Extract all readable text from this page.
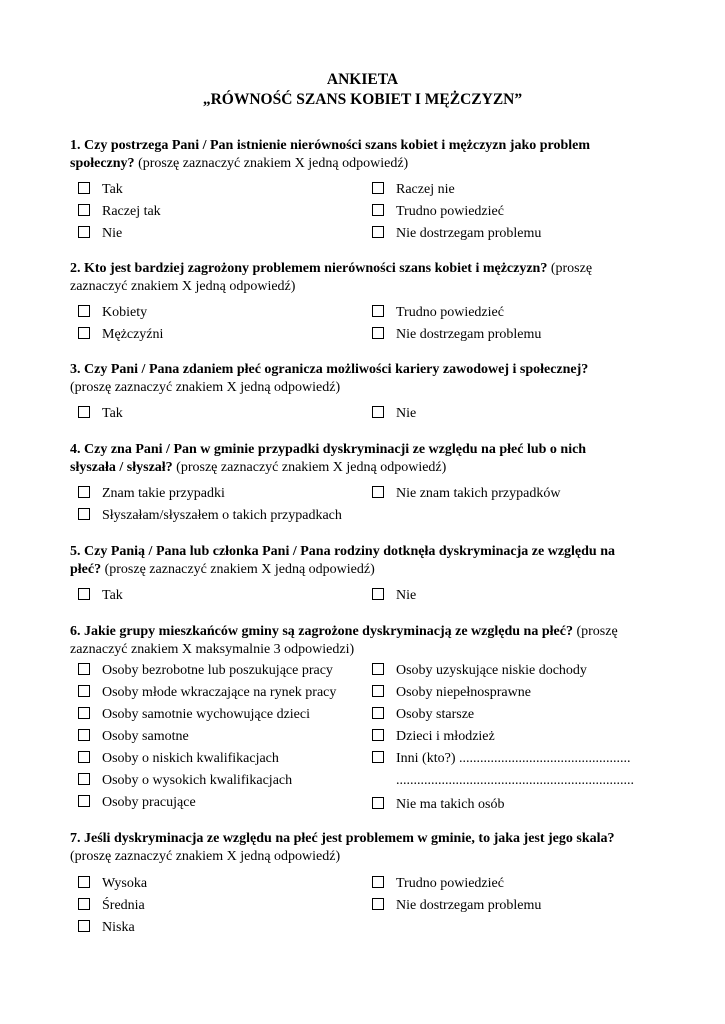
ANKIETA
„RÓWNOŚĆ SZANS KOBIET I MĘŻCZYZN”
1. Czy postrzega Pani / Pan istnienie nierówności szans kobiet i mężczyzn jako problem
społeczny? (proszę zaznaczyć znakiem X jedną odpowiedź)
Tak
Raczej tak
Nie
Raczej nie
Trudno powiedzieć
Nie dostrzegam problemu
2. Kto jest bardziej zagrożony problemem nierówności szans kobiet i mężczyzn? (proszę
zaznaczyć znakiem X jedną odpowiedź)
Kobiety
Mężczyźni
Trudno powiedzieć
Nie dostrzegam problemu
3. Czy Pani / Pana zdaniem płeć ogranicza możliwości kariery zawodowej i społecznej?
(proszę zaznaczyć znakiem X jedną odpowiedź)
Tak	Nie
4. Czy zna Pani / Pan w gminie przypadki dyskryminacji ze względu na płeć lub o nich
słyszała / słyszał? (proszę zaznaczyć znakiem X jedną odpowiedź)
Znam takie przypadki
Słyszałam/słyszałem o takich przypadkach
Nie znam takich przypadków
5. Czy Panią / Pana lub członka Pani / Pana rodziny dotknęła dyskryminacja ze względu na
płeć? (proszę zaznaczyć znakiem X jedną odpowiedź)
Tak	Nie
6. Jakie grupy mieszkańców gminy są zagrożone dyskryminacją ze względu na płeć? (proszę
zaznaczyć znakiem X maksymalnie 3 odpowiedzi)
Osoby bezrobotne lub poszukujące pracy
Osoby młode wkraczające na rynek pracy
Osoby samotnie wychowujące dzieci
Osoby samotne
Osoby o niskich kwalifikacjach
Osoby o wysokich kwalifikacjach
Osoby pracujące
Osoby uzyskujące niskie dochody
Osoby niepełnosprawne
Osoby starsze
Dzieci i młodzież
Inni (kto?) .................................................
....................................................................
Nie ma takich osób
7. Jeśli dyskryminacja ze względu na płeć jest problemem w gminie, to jaka jest jego skala?
(proszę zaznaczyć znakiem X jedną odpowiedź)
Wysoka
Średnia
Niska
Trudno powiedzieć
Nie dostrzegam problemu
